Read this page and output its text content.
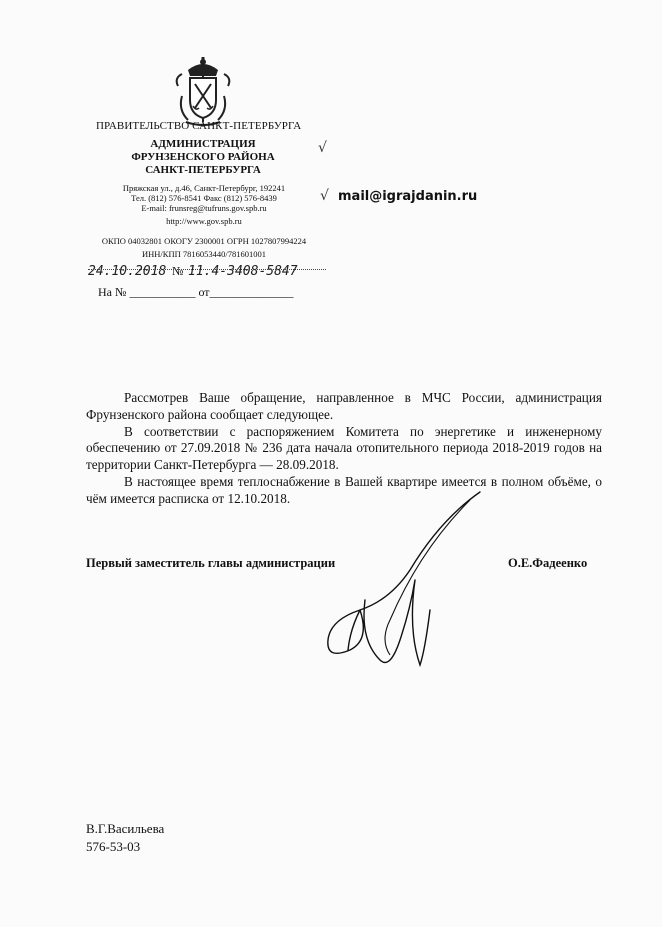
ПРАВИТЕЛЬСТВО САНКТ-ПЕТЕРБУРГА
АДМИНИСТРАЦИЯ
ФРУНЗЕНСКОГО РАЙОНА
САНКТ-ПЕТЕРБУРГА
Пряжская ул., д.46, Санкт-Петербург, 192241
Тел. (812) 576-8541 Факс (812) 576-8439
E-mail: frunsreg@tufruns.gov.spb.ru
http://www.gov.spb.ru
ОКПО 04032801 ОКОГУ 2300001 ОГРН 1027807994224
ИНН/КПП 7816053440/781601001
√
√ mail@igrajdanin.ru
24.10.2018 № 11.4-3408-5847
На № ___________ от______________

Рассмотрев Ваше обращение, направленное в МЧС России, администрация Фрунзенского района сообщает следующее.

В соответствии с распоряжением Комитета по энергетике и инженерному обеспечению от 27.09.2018 № 236 дата начала отопительного периода 2018-2019 годов на территории Санкт-Петербурга — 28.09.2018.

В настоящее время теплоснабжение в Вашей квартире имеется в полном объёме, о чём имеется расписка от 12.10.2018.

Первый заместитель главы администрации	О.Е.Фадеенко
В.Г.Васильева
576-53-03
